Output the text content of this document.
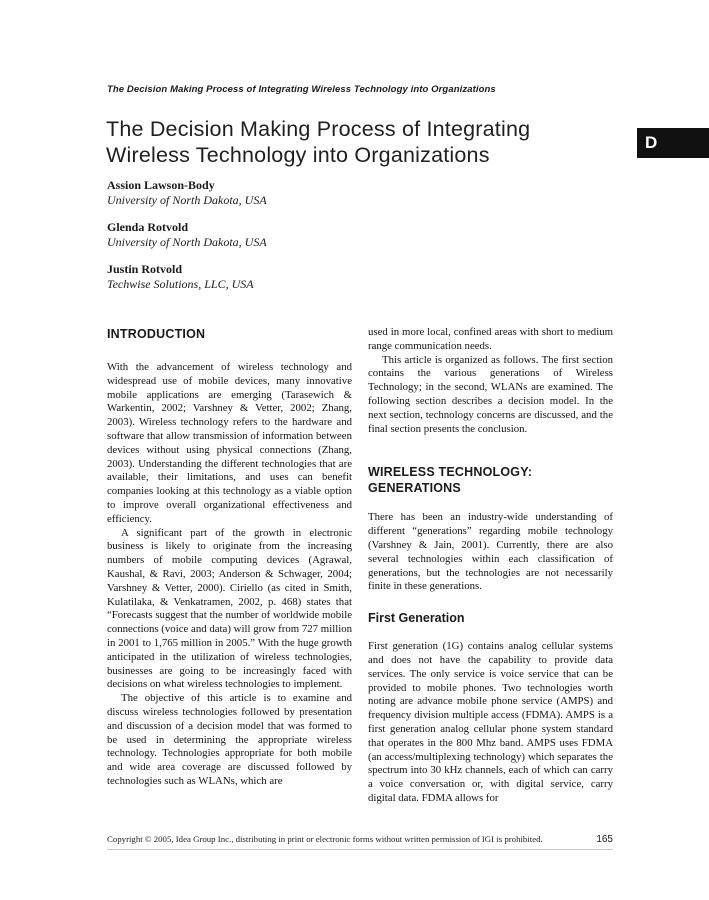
The Decision Making Process of Integrating Wireless Technology into Organizations
The Decision Making Process of Integrating
Wireless Technology into Organizations
D
Assion Lawson-Body
University of North Dakota, USA
Glenda Rotvold
University of North Dakota, USA
Justin Rotvold
Techwise Solutions, LLC, USA
INTRODUCTION

With the advancement of wireless technology and widespread use of mobile devices, many innovative mobile applications are emerging (Tarasewich & Warkentin, 2002; Varshney & Vetter, 2002; Zhang, 2003). Wireless technology refers to the hardware and software that allow transmission of information between devices without using physical connections (Zhang, 2003). Understanding the different technologies that are available, their limitations, and uses can benefit companies looking at this technology as a viable option to improve overall organizational effectiveness and efficiency.

A significant part of the growth in electronic business is likely to originate from the increasing numbers of mobile computing devices (Agrawal, Kaushal, & Ravi, 2003; Anderson & Schwager, 2004; Varshney & Vetter, 2000). Ciriello (as cited in Smith, Kulatilaka, & Venkatramen, 2002, p. 468) states that “Forecasts suggest that the number of worldwide mobile connections (voice and data) will grow from 727 million in 2001 to 1,765 million in 2005.” With the huge growth anticipated in the utilization of wireless technologies, businesses are going to be increasingly faced with decisions on what wireless technologies to implement.

The objective of this article is to examine and discuss wireless technologies followed by presentation and discussion of a decision model that was formed to be used in determining the appropriate wireless technology. Technologies appropriate for both mobile and wide area coverage are discussed followed by technologies such as WLANs, which are

used in more local, confined areas with short to medium range communication needs.

This article is organized as follows. The first section contains the various generations of Wireless Technology; in the second, WLANs are examined. The following section describes a decision model. In the next section, technology concerns are discussed, and the final section presents the conclusion.

WIRELESS TECHNOLOGY: GENERATIONS

There has been an industry-wide understanding of different “generations” regarding mobile technology (Varshney & Jain, 2001). Currently, there are also several technologies within each classification of generations, but the technologies are not necessarily finite in these generations.

First Generation

First generation (1G) contains analog cellular systems and does not have the capability to provide data services. The only service is voice service that can be provided to mobile phones. Two technologies worth noting are advance mobile phone service (AMPS) and frequency division multiple access (FDMA). AMPS is a first generation analog cellular phone system standard that operates in the 800 Mhz band. AMPS uses FDMA (an access/multiplexing technology) which separates the spectrum into 30 kHz channels, each of which can carry a voice conversation or, with digital service, carry digital data. FDMA allows for

Copyright © 2005, Idea Group Inc., distributing in print or electronic forms without written permission of IGI is prohibited.	165
